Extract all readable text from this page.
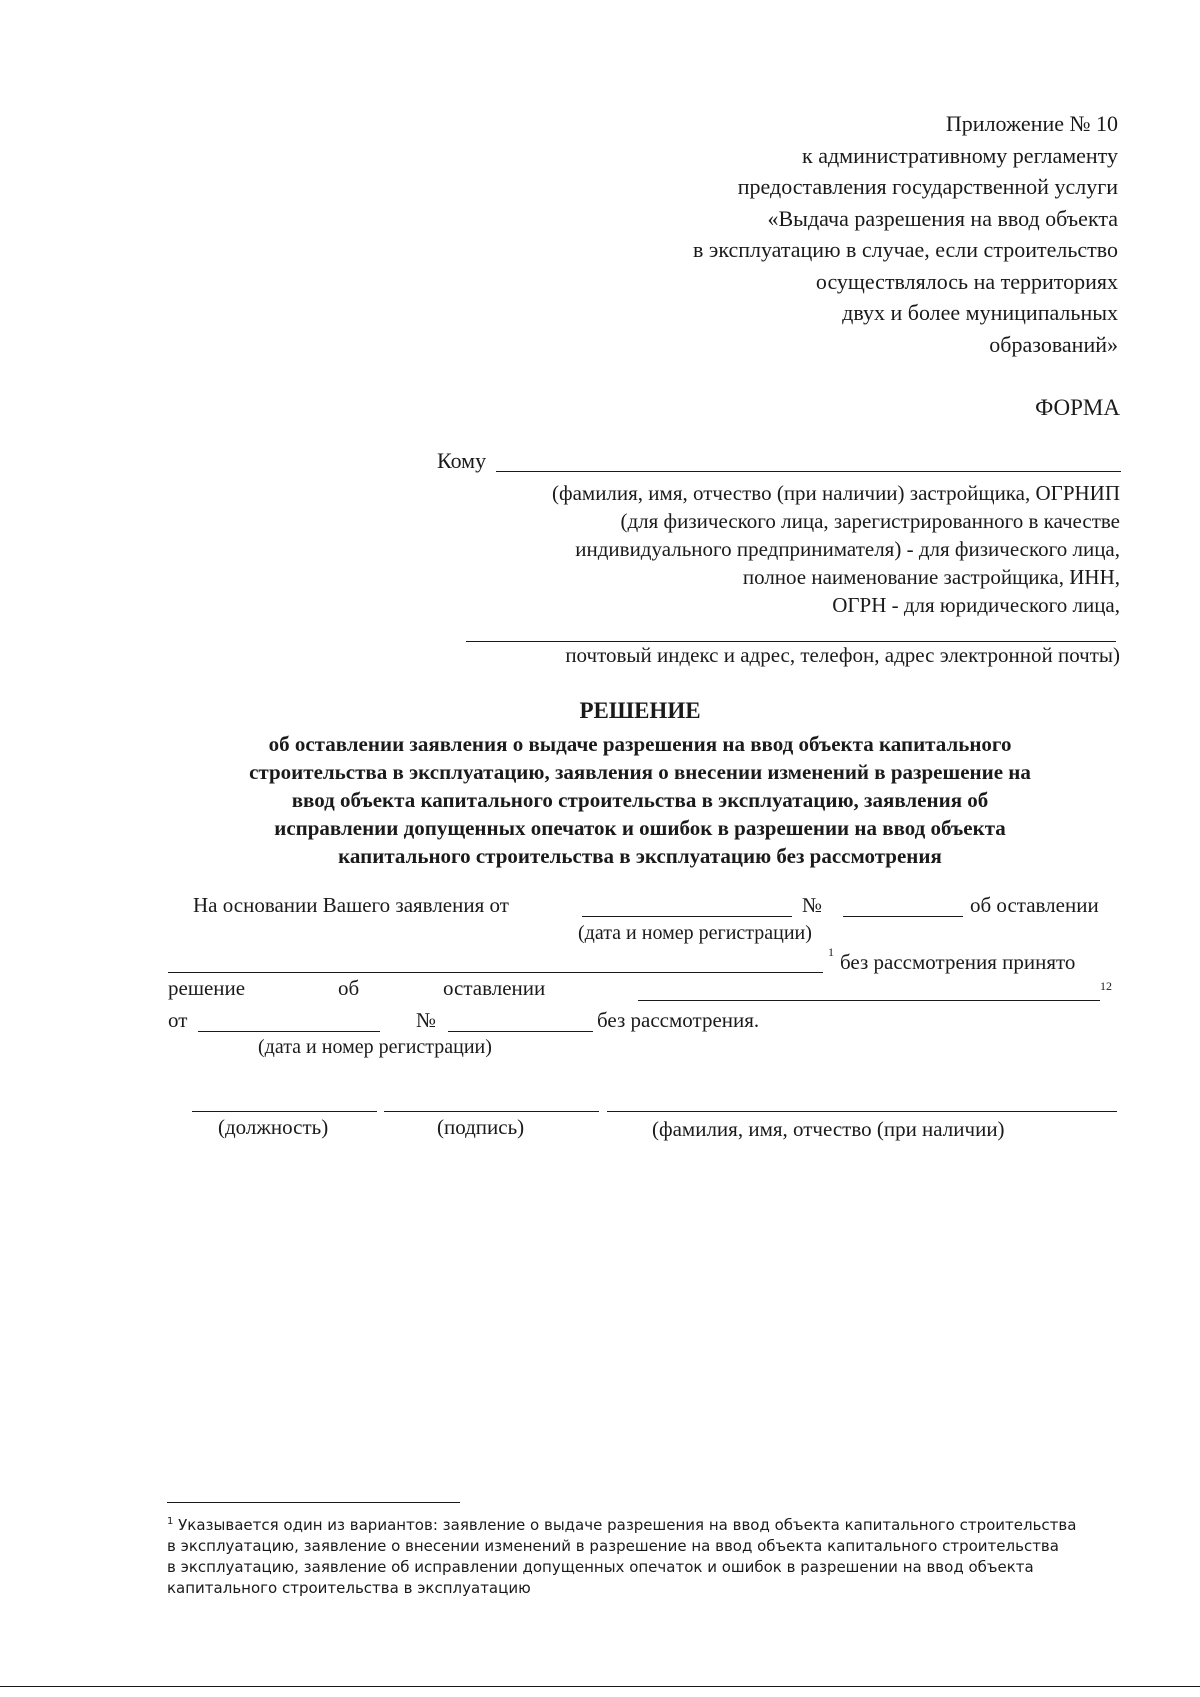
Приложение № 10
к административному регламенту
предоставления государственной услуги
«Выдача разрешения на ввод объекта
в эксплуатацию в случае, если строительство
осуществлялось на территориях
двух и более муниципальных
образований»
ФОРМА
Кому
(фамилия, имя, отчество (при наличии) застройщика, ОГРНИП
(для физического лица, зарегистрированного в качестве
индивидуального предпринимателя) - для физического лица,
полное наименование застройщика, ИНН,
ОГРН - для юридического лица,
почтовый индекс и адрес, телефон, адрес электронной почты)
РЕШЕНИЕ
об оставлении заявления о выдаче разрешения на ввод объекта капитального
строительства в эксплуатацию, заявления о внесении изменений в разрешение на
ввод объекта капитального строительства в эксплуатацию, заявления об
исправлении допущенных опечаток и ошибок в разрешении на ввод объекта
капитального строительства в эксплуатацию без рассмотрения
На основании Вашего заявления от	№	об оставлении
(дата и номер регистрации)
1 без рассмотрения принято
решение	об	оставлении	12
от	№	без рассмотрения.
(дата и номер регистрации)
(должность)	(подпись)	(фамилия, имя, отчество (при наличии)
$^1$ Указывается один из вариантов: заявление о выдаче разрешения на ввод объекта капитального строительства
в эксплуатацию, заявление о внесении изменений в разрешение на ввод объекта капитального строительства
в эксплуатацию, заявление об исправлении допущенных опечаток и ошибок в разрешении на ввод объекта
капитального строительства в эксплуатацию
